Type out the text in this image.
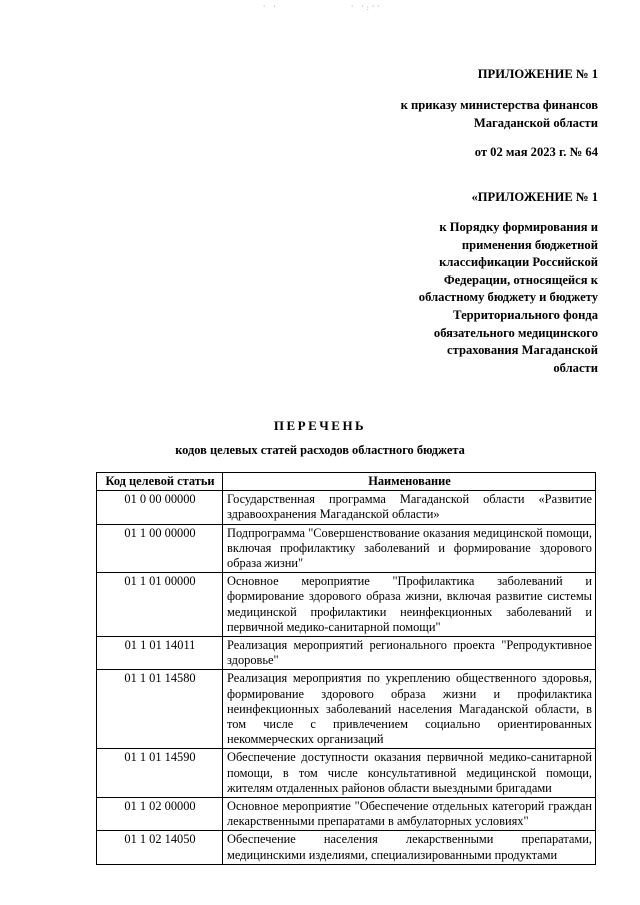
' '	' ':''
ПРИЛОЖЕНИЕ № 1
к приказу министерства финансов
Магаданской области
от 02 мая 2023 г. № 64
«ПРИЛОЖЕНИЕ № 1
к Порядку формирования и
применения бюджетной
классификации Российской
Федерации, относящейся к
областному бюджету и бюджету
Территориального фонда
обязательного медицинского
страхования Магаданской
области
ПЕРЕЧЕНЬ
кодов целевых статей расходов областного бюджета
Код целевой статьи	Наименование
01 0 00 00000	Государственная программа Магаданской области «Развитие здравоохранения Магаданской области»
01 1 00 00000	Подпрограмма "Совершенствование оказания медицинской помощи, включая профилактику заболеваний и формирование здорового образа жизни"
01 1 01 00000	Основное мероприятие "Профилактика заболеваний и формирование здорового образа жизни, включая развитие системы медицинской профилактики неинфекционных заболеваний и первичной медико-санитарной помощи"
01 1 01 14011	Реализация мероприятий регионального проекта "Репродуктивное здоровье"
01 1 01 14580	Реализация мероприятия по укреплению общественного здоровья, формирование здорового образа жизни и профилактика неинфекционных заболеваний населения Магаданской области, в том числе с привлечением социально ориентированных некоммерческих организаций
01 1 01 14590	Обеспечение доступности оказания первичной медико-санитарной помощи, в том числе консультативной медицинской помощи, жителям отдаленных районов области выездными бригадами
01 1 02 00000	Основное мероприятие "Обеспечение отдельных категорий граждан лекарственными препаратами в амбулаторных условиях"
01 1 02 14050	Обеспечение населения лекарственными препаратами, медицинскими изделиями, специализированными продуктами
